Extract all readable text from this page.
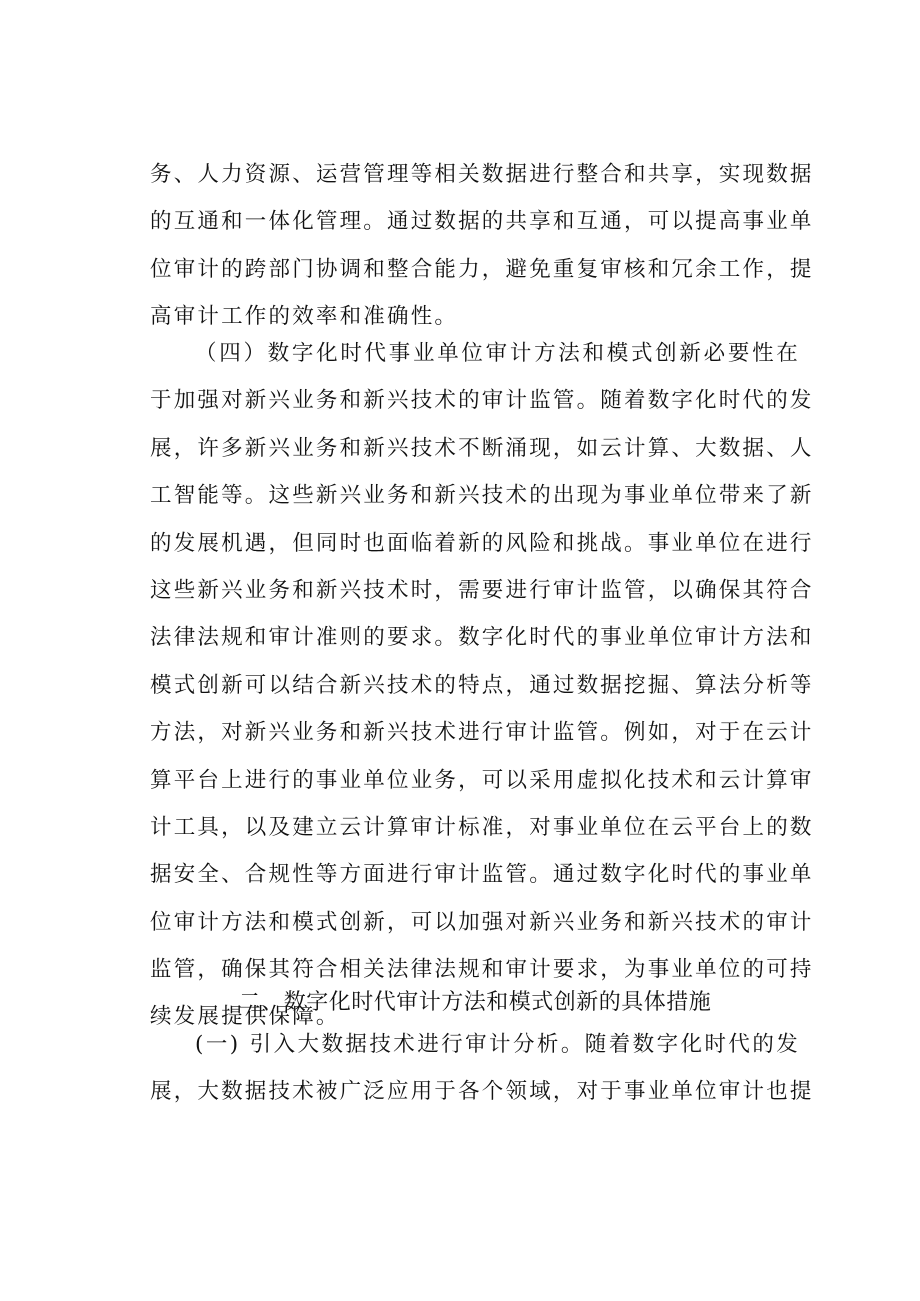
务、人力资源、运营管理等相关数据进行整合和共享，实现数据
的互通和一体化管理。通过数据的共享和互通，可以提高事业单
位审计的跨部门协调和整合能力，避免重复审核和冗余工作，提
高审计工作的效率和准确性。
（四）数字化时代事业单位审计方法和模式创新必要性在
于加强对新兴业务和新兴技术的审计监管。随着数字化时代的发
展，许多新兴业务和新兴技术不断涌现，如云计算、大数据、人
工智能等。这些新兴业务和新兴技术的出现为事业单位带来了新
的发展机遇，但同时也面临着新的风险和挑战。事业单位在进行
这些新兴业务和新兴技术时，需要进行审计监管，以确保其符合
法律法规和审计准则的要求。数字化时代的事业单位审计方法和
模式创新可以结合新兴技术的特点，通过数据挖掘、算法分析等
方法，对新兴业务和新兴技术进行审计监管。例如，对于在云计
算平台上进行的事业单位业务，可以采用虚拟化技术和云计算审
计工具，以及建立云计算审计标准，对事业单位在云平台上的数
据安全、合规性等方面进行审计监管。通过数字化时代的事业单
位审计方法和模式创新，可以加强对新兴业务和新兴技术的审计
监管，确保其符合相关法律法规和审计要求，为事业单位的可持
续发展提供保障。
二、数字化时代审计方法和模式创新的具体措施
(一) 引入大数据技术进行审计分析。随着数字化时代的发
展，大数据技术被广泛应用于各个领域，对于事业单位审计也提
